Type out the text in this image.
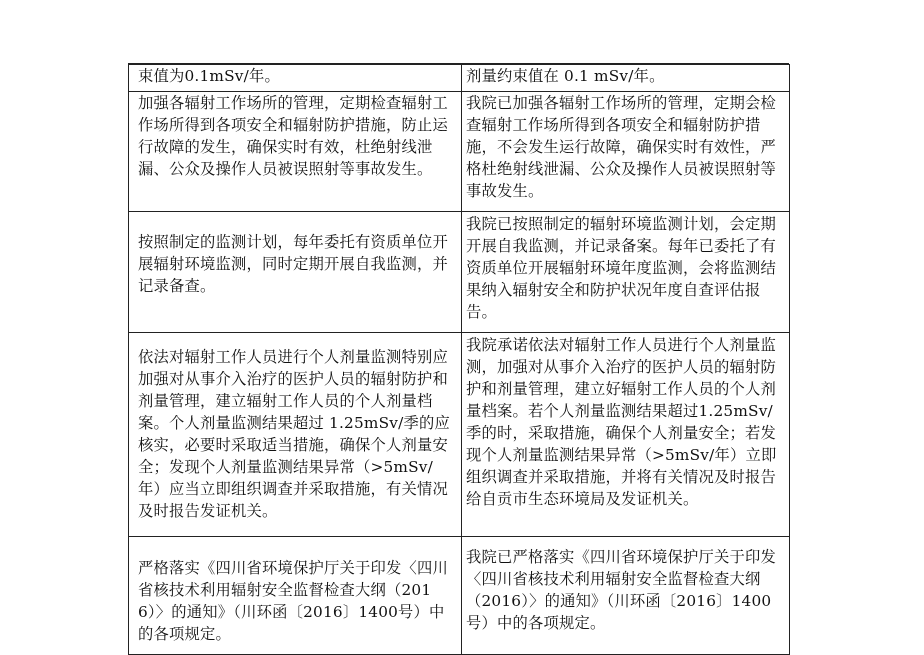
束值为0.1mSv/年。	剂量约束值在 0.1 mSv/年。

加强各辐射工作场所的管理，定期检查辐射工作场所得到各项安全和辐射防护措施，防止运行故障的发生，确保实时有效，杜绝射线泄漏、公众及操作人员被误照射等事故发生。	我院已加强各辐射工作场所的管理，定期会检查辐射工作场所得到各项安全和辐射防护措施，不会发生运行故障，确保实时有效性，严格杜绝射线泄漏、公众及操作人员被误照射等事故发生。

按照制定的监测计划，每年委托有资质单位开展辐射环境监测，同时定期开展自我监测，并记录备查。	我院已按照制定的辐射环境监测计划，会定期开展自我监测，并记录备案。每年已委托了有资质单位开展辐射环境年度监测，会将监测结果纳入辐射安全和防护状况年度自查评估报告。

依法对辐射工作人员进行个人剂量监测特别应加强对从事介入治疗的医护人员的辐射防护和剂量管理，建立辐射工作人员的个人剂量档案。个人剂量监测结果超过 1.25mSv/季的应核实，必要时采取适当措施，确保个人剂量安全；发现个人剂量监测结果异常（>5mSv/年）应当立即组织调查并采取措施，有关情况及时报告发证机关。	我院承诺依法对辐射工作人员进行个人剂量监测，加强对从事介入治疗的医护人员的辐射防护和剂量管理，建立好辐射工作人员的个人剂量档案。若个人剂量监测结果超过1.25mSv/季的时，采取措施，确保个人剂量安全；若发现个人剂量监测结果异常（>5mSv/年）立即组织调查并采取措施，并将有关情况及时报告给自贡市生态环境局及发证机关。

严格落实《四川省环境保护厅关于印发〈四川省核技术利用辐射安全监督检查大纲（2016）〉的通知》（川环函〔2016〕1400号）中的各项规定。	我院已严格落实《四川省环境保护厅关于印发〈四川省核技术利用辐射安全监督检查大纲（2016）〉的通知》（川环函〔2016〕1400号）中的各项规定。
